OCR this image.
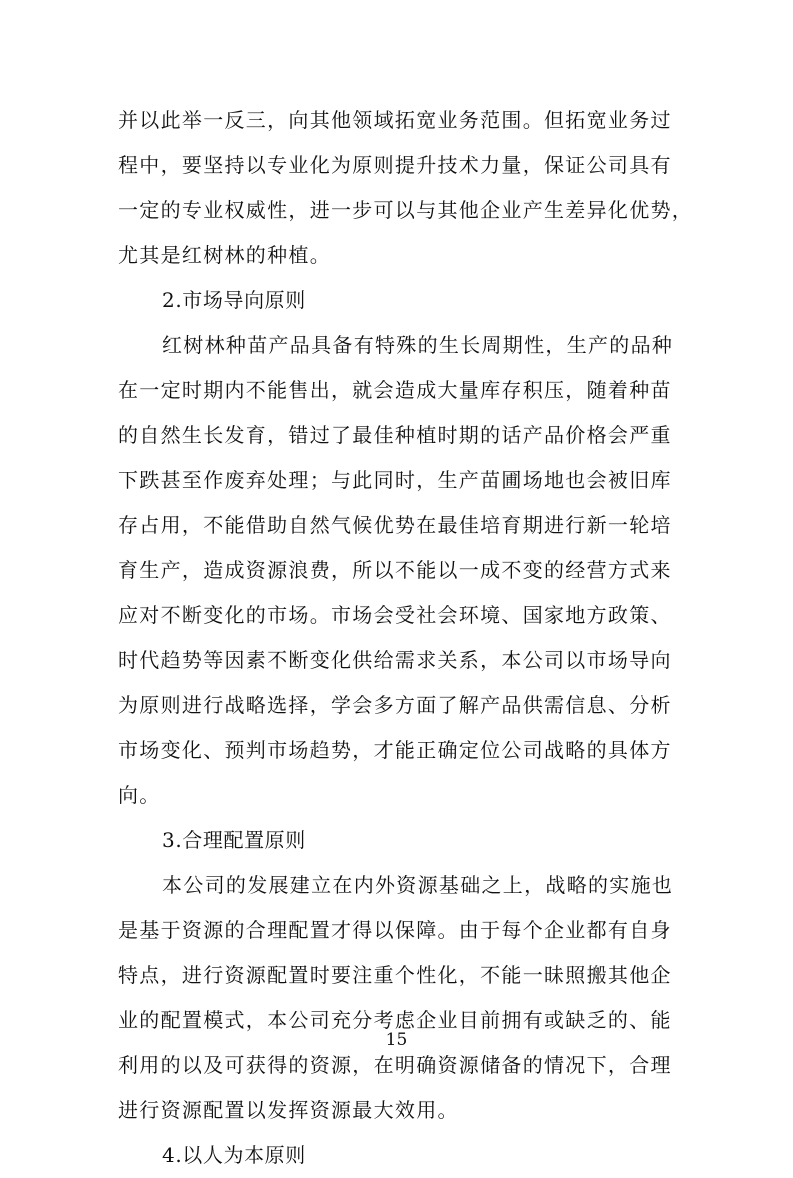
并以此举一反三，向其他领域拓宽业务范围。但拓宽业务过
程中，要坚持以专业化为原则提升技术力量，保证公司具有
一定的专业权威性，进一步可以与其他企业产生差异化优势，
尤其是红树林的种植。
2.市场导向原则
红树林种苗产品具备有特殊的生长周期性，生产的品种
在一定时期内不能售出，就会造成大量库存积压，随着种苗
的自然生长发育，错过了最佳种植时期的话产品价格会严重
下跌甚至作废弃处理；与此同时，生产苗圃场地也会被旧库
存占用，不能借助自然气候优势在最佳培育期进行新一轮培
育生产，造成资源浪费，所以不能以一成不变的经营方式来
应对不断变化的市场。市场会受社会环境、国家地方政策、
时代趋势等因素不断变化供给需求关系，本公司以市场导向
为原则进行战略选择，学会多方面了解产品供需信息、分析
市场变化、预判市场趋势，才能正确定位公司战略的具体方
向。
3.合理配置原则
本公司的发展建立在内外资源基础之上，战略的实施也
是基于资源的合理配置才得以保障。由于每个企业都有自身
特点，进行资源配置时要注重个性化，不能一昧照搬其他企
业的配置模式，本公司充分考虑企业目前拥有或缺乏的、能
利用的以及可获得的资源，在明确资源储备的情况下，合理
进行资源配置以发挥资源最大效用。
4.以人为本原则
15
